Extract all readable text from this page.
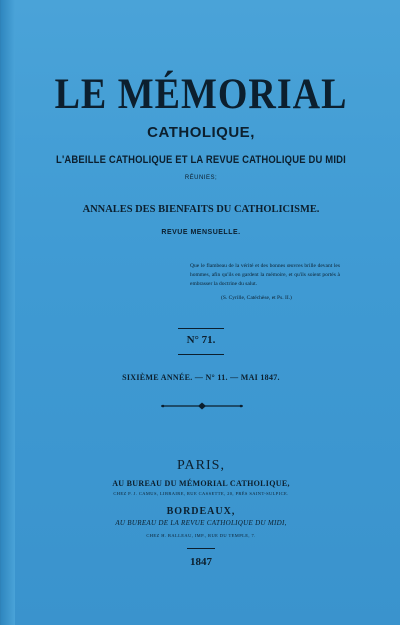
LE MÉMORIAL
CATHOLIQUE,
L'ABEILLE CATHOLIQUE ET LA REVUE CATHOLIQUE DU MIDI
RÉUNIES;
ANNALES DES BIENFAITS DU CATHOLICISME.
REVUE MENSUELLE.
Que le flambeau de la vérité et des bonnes œuvres brille devant les hommes, afin qu'ils en gardent la mémoire, et qu'ils soient portés à embrasser la doctrine du salut.
(S. Cyrille, Catéchèse, et Ps. II.)
N° 71.
SIXIÈME ANNÉE. — N° 11. — MAI 1847.
PARIS,
AU BUREAU DU MÉMORIAL CATHOLIQUE,
CHEZ P. J. CAMUS, LIBRAIRE, RUE CASSETTE, 20, PRÈS SAINT-SULPICE.
BORDEAUX,
AU BUREAU DE LA REVUE CATHOLIQUE DU MIDI,
CHEZ H. BALLEAU, IMP., RUE DU TEMPLE, 7.
1847
